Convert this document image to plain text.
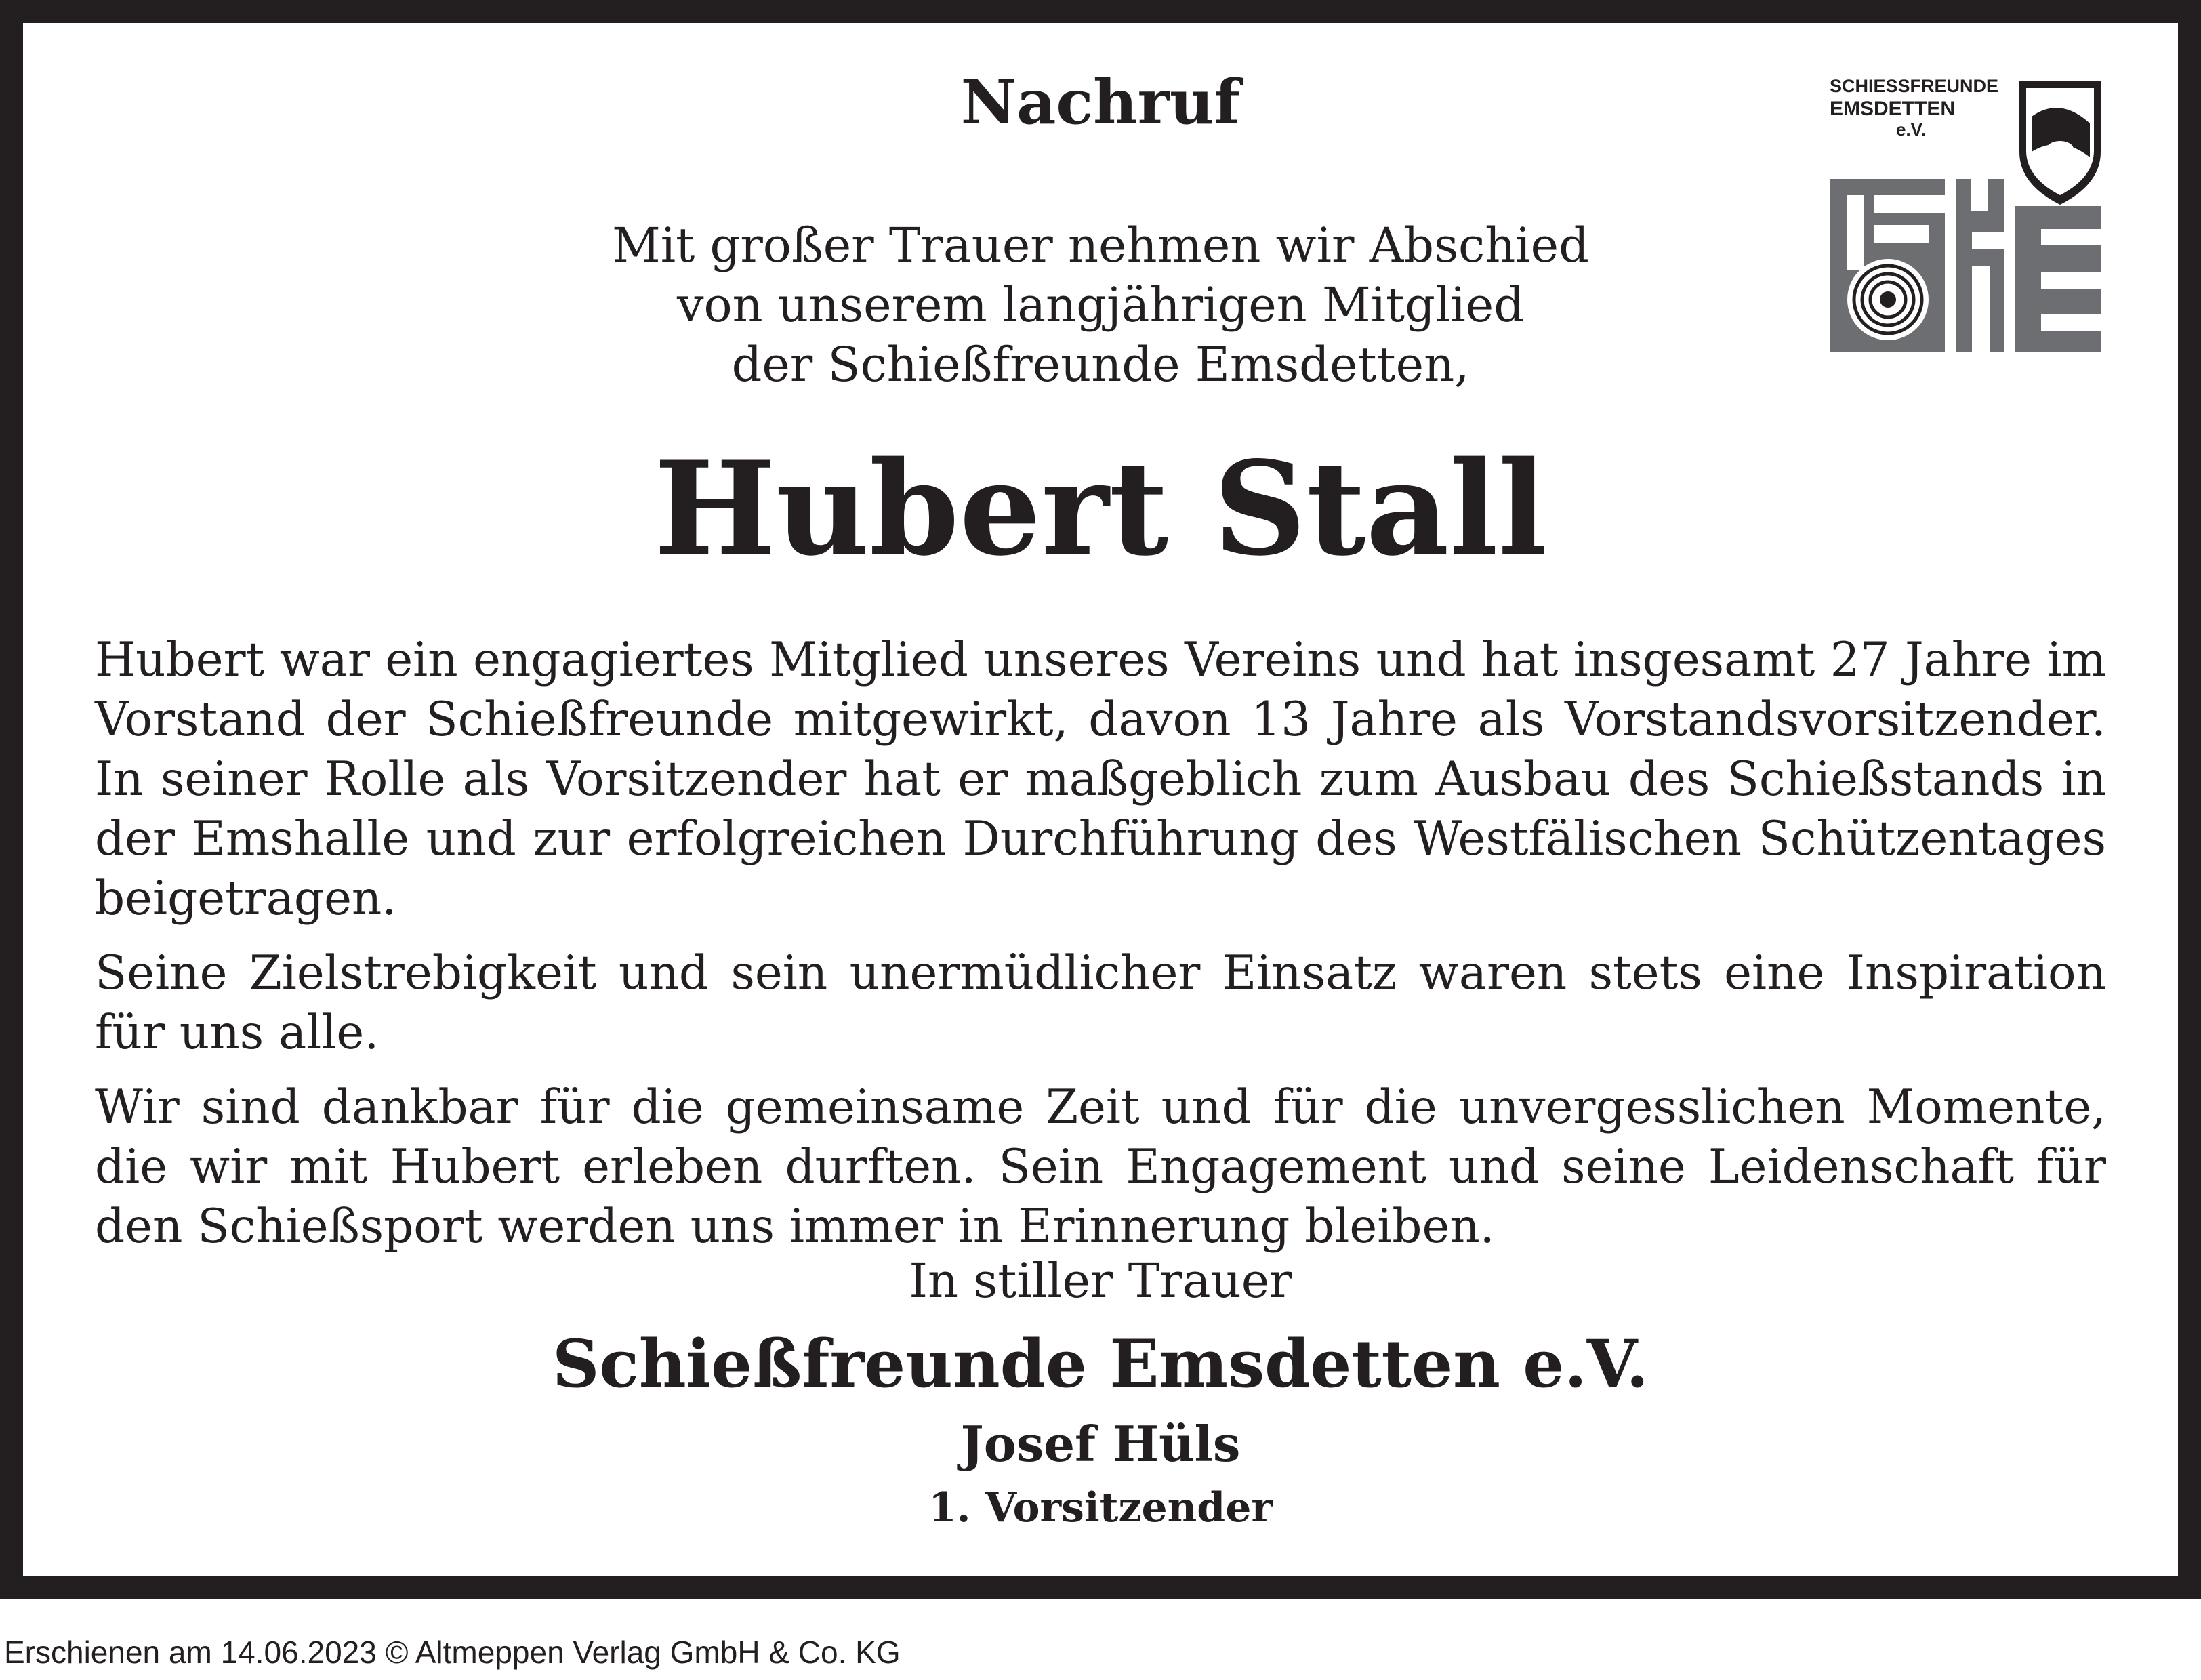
Nachruf
Mit großer Trauer nehmen wir Abschied
von unserem langjährigen Mitglied
der Schießfreunde Emsdetten,
Hubert Stall

Hubert war ein engagiertes Mitglied unseres Vereins und hat insgesamt 27 Jahre im Vorstand der Schießfreunde mitgewirkt, davon 13 Jahre als Vorstandsvorsitzender. In seiner Rolle als Vorsitzender hat er maßgeblich zum Ausbau des Schießstands in der Emshalle und zur erfolgreichen Durchführung des Westfälischen Schützentages beigetragen.

Seine Zielstrebigkeit und sein unermüdlicher Einsatz waren stets eine Inspiration für uns alle.

Wir sind dankbar für die gemeinsame Zeit und für die unvergesslichen Momente, die wir mit Hubert erleben durften. Sein Engagement und seine Leidenschaft für den Schießsport werden uns immer in Erinnerung bleiben.

In stiller Trauer
Schießfreunde Emsdetten e.V.
Josef Hüls
1. Vorsitzender
SCHIESSFREUNDE
EMSDETTEN
e.V.
Erschienen am 14.06.2023 © Altmeppen Verlag GmbH & Co. KG
